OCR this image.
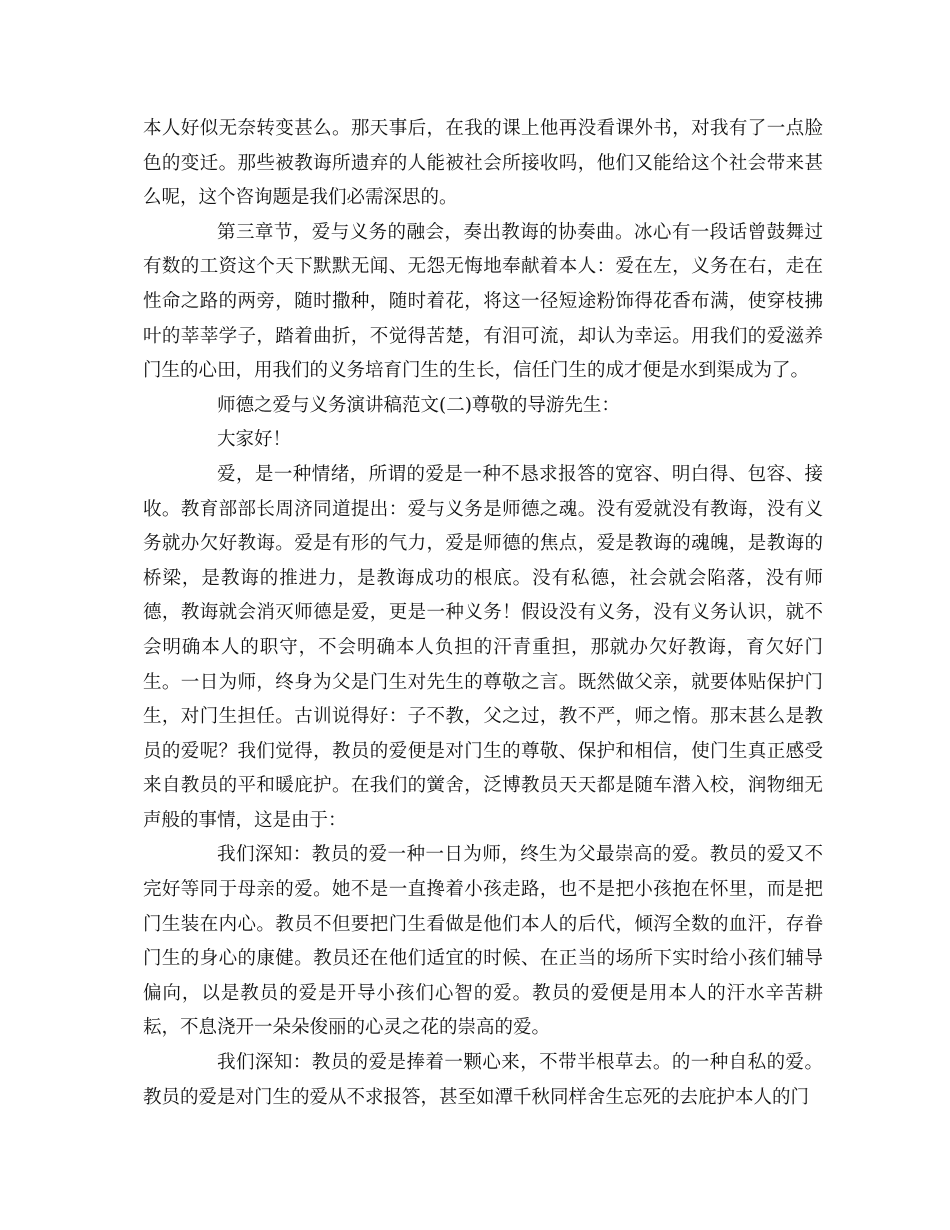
本人好似无奈转变甚么。那天事后，在我的课上他再没看课外书，对我有了一点脸色的变迁。那些被教诲所遗弃的人能被社会所接收吗，他们又能给这个社会带来甚么呢，这个咨询题是我们必需深思的。

第三章节，爱与义务的融会，奏出教诲的协奏曲。冰心有一段话曾鼓舞过有数的工资这个天下默默无闻、无怨无悔地奉献着本人：爱在左，义务在右，走在性命之路的两旁，随时撒种，随时着花，将这一径短途粉饰得花香布满，使穿枝拂叶的莘莘学子，踏着曲折，不觉得苦楚，有泪可流，却认为幸运。用我们的爱滋养门生的心田，用我们的义务培育门生的生长，信任门生的成才便是水到渠成为了。

师德之爱与义务演讲稿范文(二)尊敬的导游先生：

大家好！

爱，是一种情绪，所谓的爱是一种不恳求报答的宽容、明白得、包容、接收。教育部部长周济同道提出：爱与义务是师德之魂。没有爱就没有教诲，没有义务就办欠好教诲。爱是有形的气力，爱是师德的焦点，爱是教诲的魂魄，是教诲的桥梁，是教诲的推进力，是教诲成功的根底。没有私德，社会就会陷落，没有师德，教诲就会消灭师德是爱，更是一种义务！假设没有义务，没有义务认识，就不会明确本人的职守，不会明确本人负担的汗青重担，那就办欠好教诲，育欠好门生。一日为师，终身为父是门生对先生的尊敬之言。既然做父亲，就要体贴保护门生，对门生担任。古训说得好：子不教，父之过，教不严，师之惰。那末甚么是教员的爱呢？我们觉得，教员的爱便是对门生的尊敬、保护和相信，使门生真正感受来自教员的平和暖庇护。在我们的黉舍，泛博教员天天都是随车潜入校，润物细无声般的事情，这是由于：

我们深知：教员的爱一种一日为师，终生为父最崇高的爱。教员的爱又不完好等同于母亲的爱。她不是一直搀着小孩走路，也不是把小孩抱在怀里，而是把门生装在内心。教员不但要把门生看做是他们本人的后代，倾泻全数的血汗，存眷门生的身心的康健。教员还在他们适宜的时候、在正当的场所下实时给小孩们辅导偏向，以是教员的爱是开导小孩们心智的爱。教员的爱便是用本人的汗水辛苦耕耘，不息浇开一朵朵俊丽的心灵之花的崇高的爱。

我们深知：教员的爱是捧着一颗心来，不带半根草去。的一种自私的爱。教员的爱是对门生的爱从不求报答，甚至如潭千秋同样舍生忘死的去庇护本人的门
